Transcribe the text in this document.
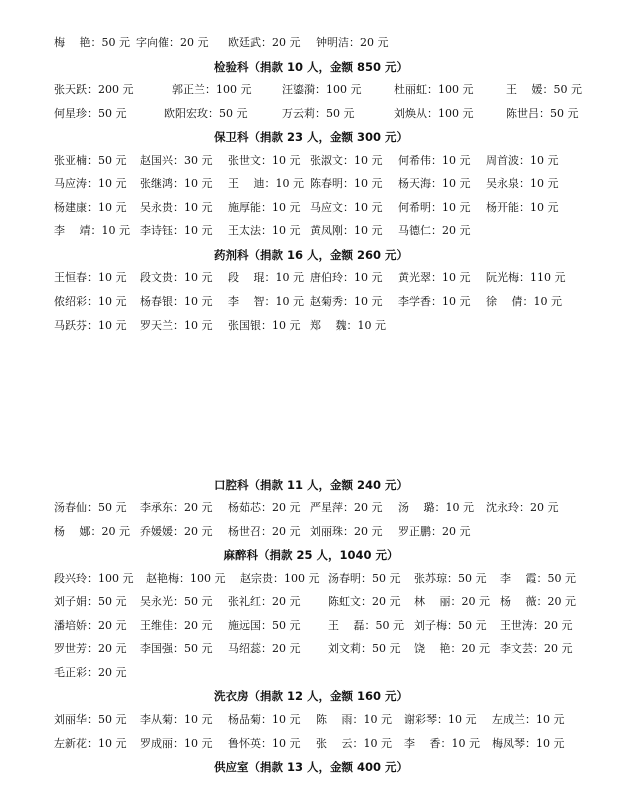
梅　 艳：50 元 字向傕：20 元 欧廷武：20 元 钟明洁：20 元
检验科（捐款 10 人，金额 850 元）
张天跃：200 元	郭正兰：100 元	汪鎏漪：100 元	杜丽虹：100 元	王　 媛：50 元
何星珍：50 元	欧阳宏玫：50 元	万云莉：50 元	刘焕从：100 元	陈世吕：50 元
保卫科（捐款 23 人，金额 300 元）
张亚楠：50 元 赵国兴：30 元 张世文：10 元 张淑文：10 元 何希伟：10 元 周首波：10 元
马应涛：10 元 张继鸿：10 元 王　 迪：10 元 陈春明：10 元 杨天海：10 元 吴永泉：10 元
杨建康：10 元 吴永贵：10 元 施厚能：10 元 马应文：10 元 何希明：10 元 杨开能：10 元
李　 靖：10 元 李诗钰：10 元 王太法：10 元 黄凤刚：10 元 马德仁：20 元
药剂科（捐款 16 人，金额 260 元）
王恒春：10 元 段文贵：10 元 段　 琨：10 元 唐伯玲：10 元 黄光翠：10 元 阮光梅：110 元
侬绍彩：10 元 杨春银：10 元 李　 智：10 元 赵菊秀：10 元 李学香：10 元 徐　 倩：10 元
马跃芬：10 元 罗天兰：10 元 张国银：10 元 郑　 魏：10 元
口腔科（捐款 11 人，金额 240 元）
汤春仙：50 元 李承东：20 元 杨茹芯：20 元 严星萍：20 元 汤　 璐：10 元 沈永玲：20 元
杨　 娜：20 元 乔媛媛：20 元 杨世召：20 元 刘丽珠：20 元 罗正鹏：20 元
麻醉科（捐款 25 人，1040 元）
段兴玲：100 元 赵艳梅：100 元 赵宗贵：100 元 汤春明：50 元 张苏琼：50 元 李　 霞：50 元
刘子娟：50 元 吴永光：50 元 张礼红：20 元	陈虹文：20 元 林　 丽：20 元 杨　 薇：20 元
潘培娇：20 元 王维佳：20 元 施远国：50 元	王　 磊：50 元 刘子梅：50 元 王世涛：20 元
罗世芳：20 元 李国强：50 元 马绍蕊：20 元	刘文莉：50 元 饶　 艳：20 元 李文芸：20 元
毛正彩：20 元
洗衣房（捐款 12 人，金额 160 元）
刘丽华：50 元 李从菊：10 元 杨品菊：10 元 陈　 雨：10 元 谢彩琴：10 元 左成兰：10 元
左新花：10 元 罗成丽：10 元 鲁怀英：10 元 张　 云：10 元 李　 香：10 元 梅凤琴：10 元
供应室（捐款 13 人，金额 400 元）
